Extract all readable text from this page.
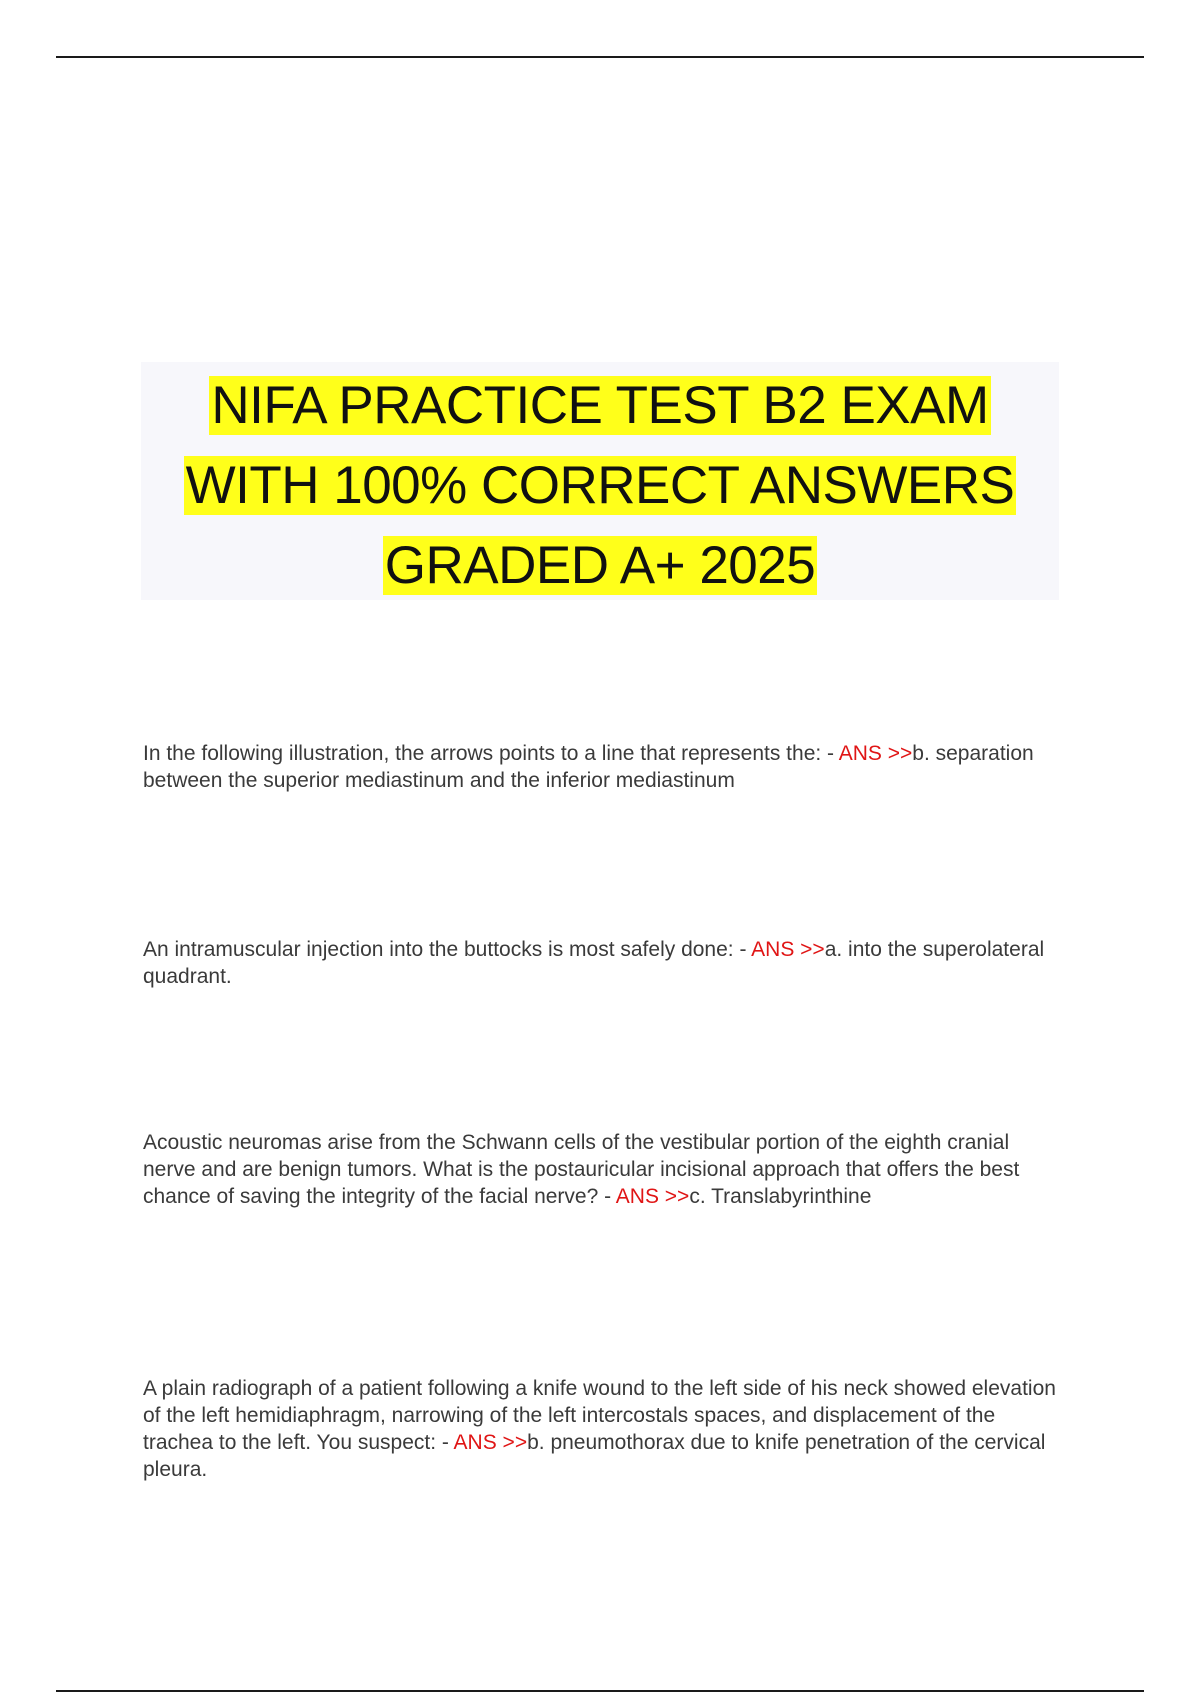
NIFA PRACTICE TEST B2 EXAM
WITH 100% CORRECT ANSWERS
GRADED A+ 2025
In the following illustration, the arrows points to a line that represents the: - ANS >>b. separation between the superior mediastinum and the inferior mediastinum
An intramuscular injection into the buttocks is most safely done: - ANS >>a. into the superolateral quadrant.
Acoustic neuromas arise from the Schwann cells of the vestibular portion of the eighth cranial nerve and are benign tumors. What is the postauricular incisional approach that offers the best chance of saving the integrity of the facial nerve? - ANS >>c. Translabyrinthine
A plain radiograph of a patient following a knife wound to the left side of his neck showed elevation of the left hemidiaphragm, narrowing of the left intercostals spaces, and displacement of the trachea to the left. You suspect: - ANS >>b. pneumothorax due to knife penetration of the cervical pleura.
